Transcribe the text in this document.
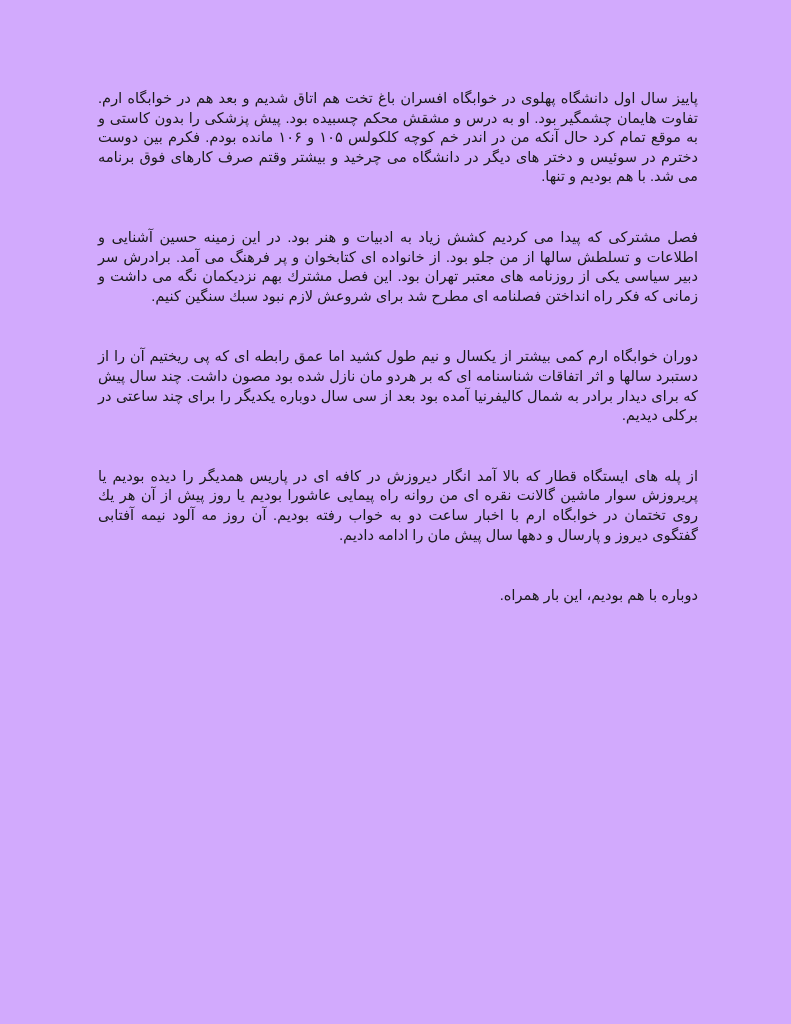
پاییز سال اول دانشگاه پهلوی در خوابگاه افسران باغ تخت هم اتاق شدیم و بعد هم در خوابگاه ارم. تفاوت هایمان چشمگیر بود. او به درس و مشقش محکم چسبیده بود. پیش پزشکی را بدون کاستی و به موقع تمام کرد حال آنکه من در اندر خم کوچه کلکولس ۱۰۵ و ۱۰۶ مانده بودم. فکرم بین دوست دخترم در سوئیس و دختر های دیگر در دانشگاه می چرخید و بیشتر وقتم صرف کارهای فوق برنامه می شد. با هم بودیم و تنها.

فصل مشترکی که پیدا می کردیم کشش زیاد به ادبیات و هنر بود. در این زمینه حسین آشنایی و اطلاعات و تسلطش سالها از من جلو بود. از خانواده ای کتابخوان و پر فرهنگ می آمد. برادرش سر دبیر سیاسی یکی از روزنامه های معتبر تهران بود. این فصل مشترك بهم نزدیکمان نگه می داشت و زمانی که فکر راه انداختن فصلنامه ای مطرح شد برای شروعش لازم نبود سبك سنگین کنیم.

دوران خوابگاه ارم کمی بیشتر از یکسال و نیم طول کشید اما عمق رابطه ای که پی ریختیم آن را از دستبرد سالها و اثر اتفاقات شناسنامه ای که بر هردو مان نازل شده بود مصون داشت. چند سال پیش که برای دیدار برادر به شمال کالیفرنیا آمده بود بعد از سی سال دوباره یکدیگر را برای چند ساعتی در برکلی دیدیم.

از پله های ایستگاه قطار که بالا آمد انگار دیروزش در کافه ای در پاریس همدیگر را دیده بودیم یا پریروزش سوار ماشین گالانت نقره ای من روانه راه پیمایی عاشورا بودیم یا روز پیش از آن هر یك روی تختمان در خوابگاه ارم با اخبار ساعت دو به خواب رفته بودیم. آن روز مه آلود نیمه آفتابی گفتگوی دیروز و پارسال و دهها سال پیش مان را ادامه دادیم.

دوباره با هم بودیم، این بار همراه.
